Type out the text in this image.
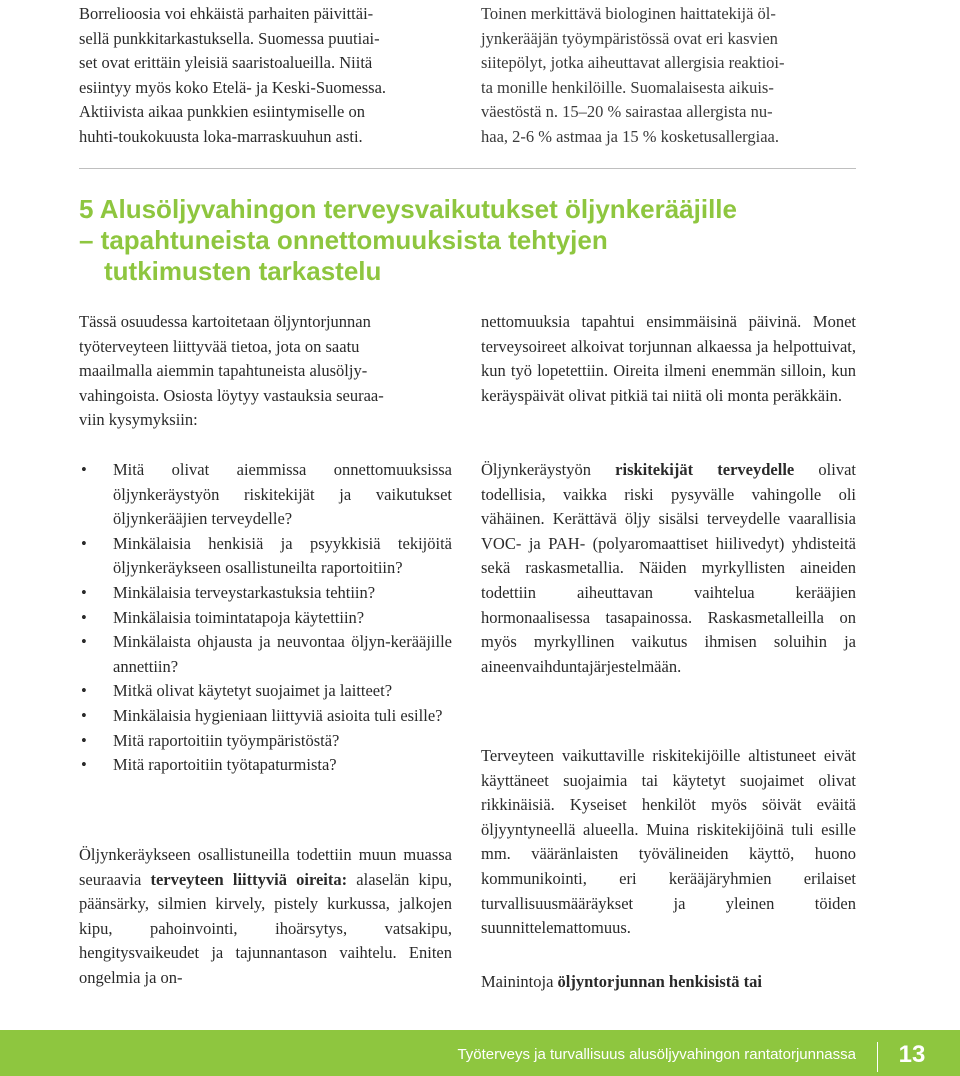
Borrelioosia voi ehkäistä parhaiten päivittäi-

sellä punkkitarkastuksella. Suomessa puutiai-

set ovat erittäin yleisiä saaristoalueilla. Niitä

esiintyy myös koko Etelä- ja Keski-Suomessa.

Aktiivista aikaa punkkien esiintymiselle on

huhti-toukokuusta loka-marraskuuhun asti.

Toinen merkittävä biologinen haittatekijä öl-

jynkerääjän työympäristössä ovat eri kasvien

siitepölyt, jotka aiheuttavat allergisia reaktioi-

ta monille henkilöille. Suomalaisesta aikuis-

väestöstä n. 15–20 % sairastaa allergista nu-

haa, 2-6 % astmaa ja 15 % kosketusallergiaa.

5 Alusöljyvahingon terveysvaikutukset öljynkerääjille
– tapahtuneista onnettomuuksista tehtyjen
tutkimusten tarkastelu

Tässä osuudessa kartoitetaan öljyntorjunnan

työterveyteen liittyvää tietoa, jota on saatu

maailmalla aiemmin tapahtuneista alusöljy-

vahingoista. Osiosta löytyy vastauksia seuraa-

viin kysymyksiin:

• Mitä olivat aiemmissa onnettomuuksissa öljynkeräystyön riskitekijät ja vaikutukset öljynkerääjien terveydelle?
• Minkälaisia henkisiä ja psyykkisiä tekijöitä öljynkeräykseen osallistuneilta raportoitiin?
• Minkälaisia terveystarkastuksia tehtiin?
• Minkälaisia toimintatapoja käytettiin?
• Minkälaista ohjausta ja neuvontaa öljyn-kerääjille annettiin?
• Mitkä olivat käytetyt suojaimet ja laitteet?
• Minkälaisia hygieniaan liittyviä asioita tuli esille?
• Mitä raportoitiin työympäristöstä?
• Mitä raportoitiin työtapaturmista?

Öljynkeräykseen osallistuneilla todettiin muun muassa seuraavia terveyteen liittyviä oireita: alaselän kipu, päänsärky, silmien kirvely, pistely kurkussa, jalkojen kipu, pahoinvointi, ihoärsytys, vatsakipu, hengitysvaikeudet ja tajunnantason vaihtelu. Eniten ongelmia ja on-

nettomuuksia tapahtui ensimmäisinä päivinä. Monet terveysoireet alkoivat torjunnan alkaessa ja helpottuivat, kun työ lopetettiin. Oireita ilmeni enemmän silloin, kun keräyspäivät olivat pitkiä tai niitä oli monta peräkkäin.

Öljynkeräystyön riskitekijät terveydelle olivat todellisia, vaikka riski pysyvälle vahingolle oli vähäinen. Kerättävä öljy sisälsi terveydelle vaarallisia VOC- ja PAH- (polyaromaattiset hiilivedyt) yhdisteitä sekä raskasmetallia. Näiden myrkyllisten aineiden todettiin aiheuttavan vaihtelua kerääjien hormonaalisessa tasapainossa. Raskasmetalleilla on myös myrkyllinen vaikutus ihmisen soluihin ja aineenvaihduntajärjestelmään.

Terveyteen vaikuttaville riskitekijöille altistuneet eivät käyttäneet suojaimia tai käytetyt suojaimet olivat rikkinäisiä. Kyseiset henkilöt myös söivät eväitä öljyyntyneellä alueella. Muina riskitekijöinä tuli esille mm. vääränlaisten työvälineiden käyttö, huono kommunikointi, eri kerääjäryhmien erilaiset turvallisuusmääräykset ja yleinen töiden suunnittelemattomuus.

Mainintoja öljyntorjunnan henkisistä tai

Työterveys ja turvallisuus alusöljyvahingon rantatorjunnassa	13
